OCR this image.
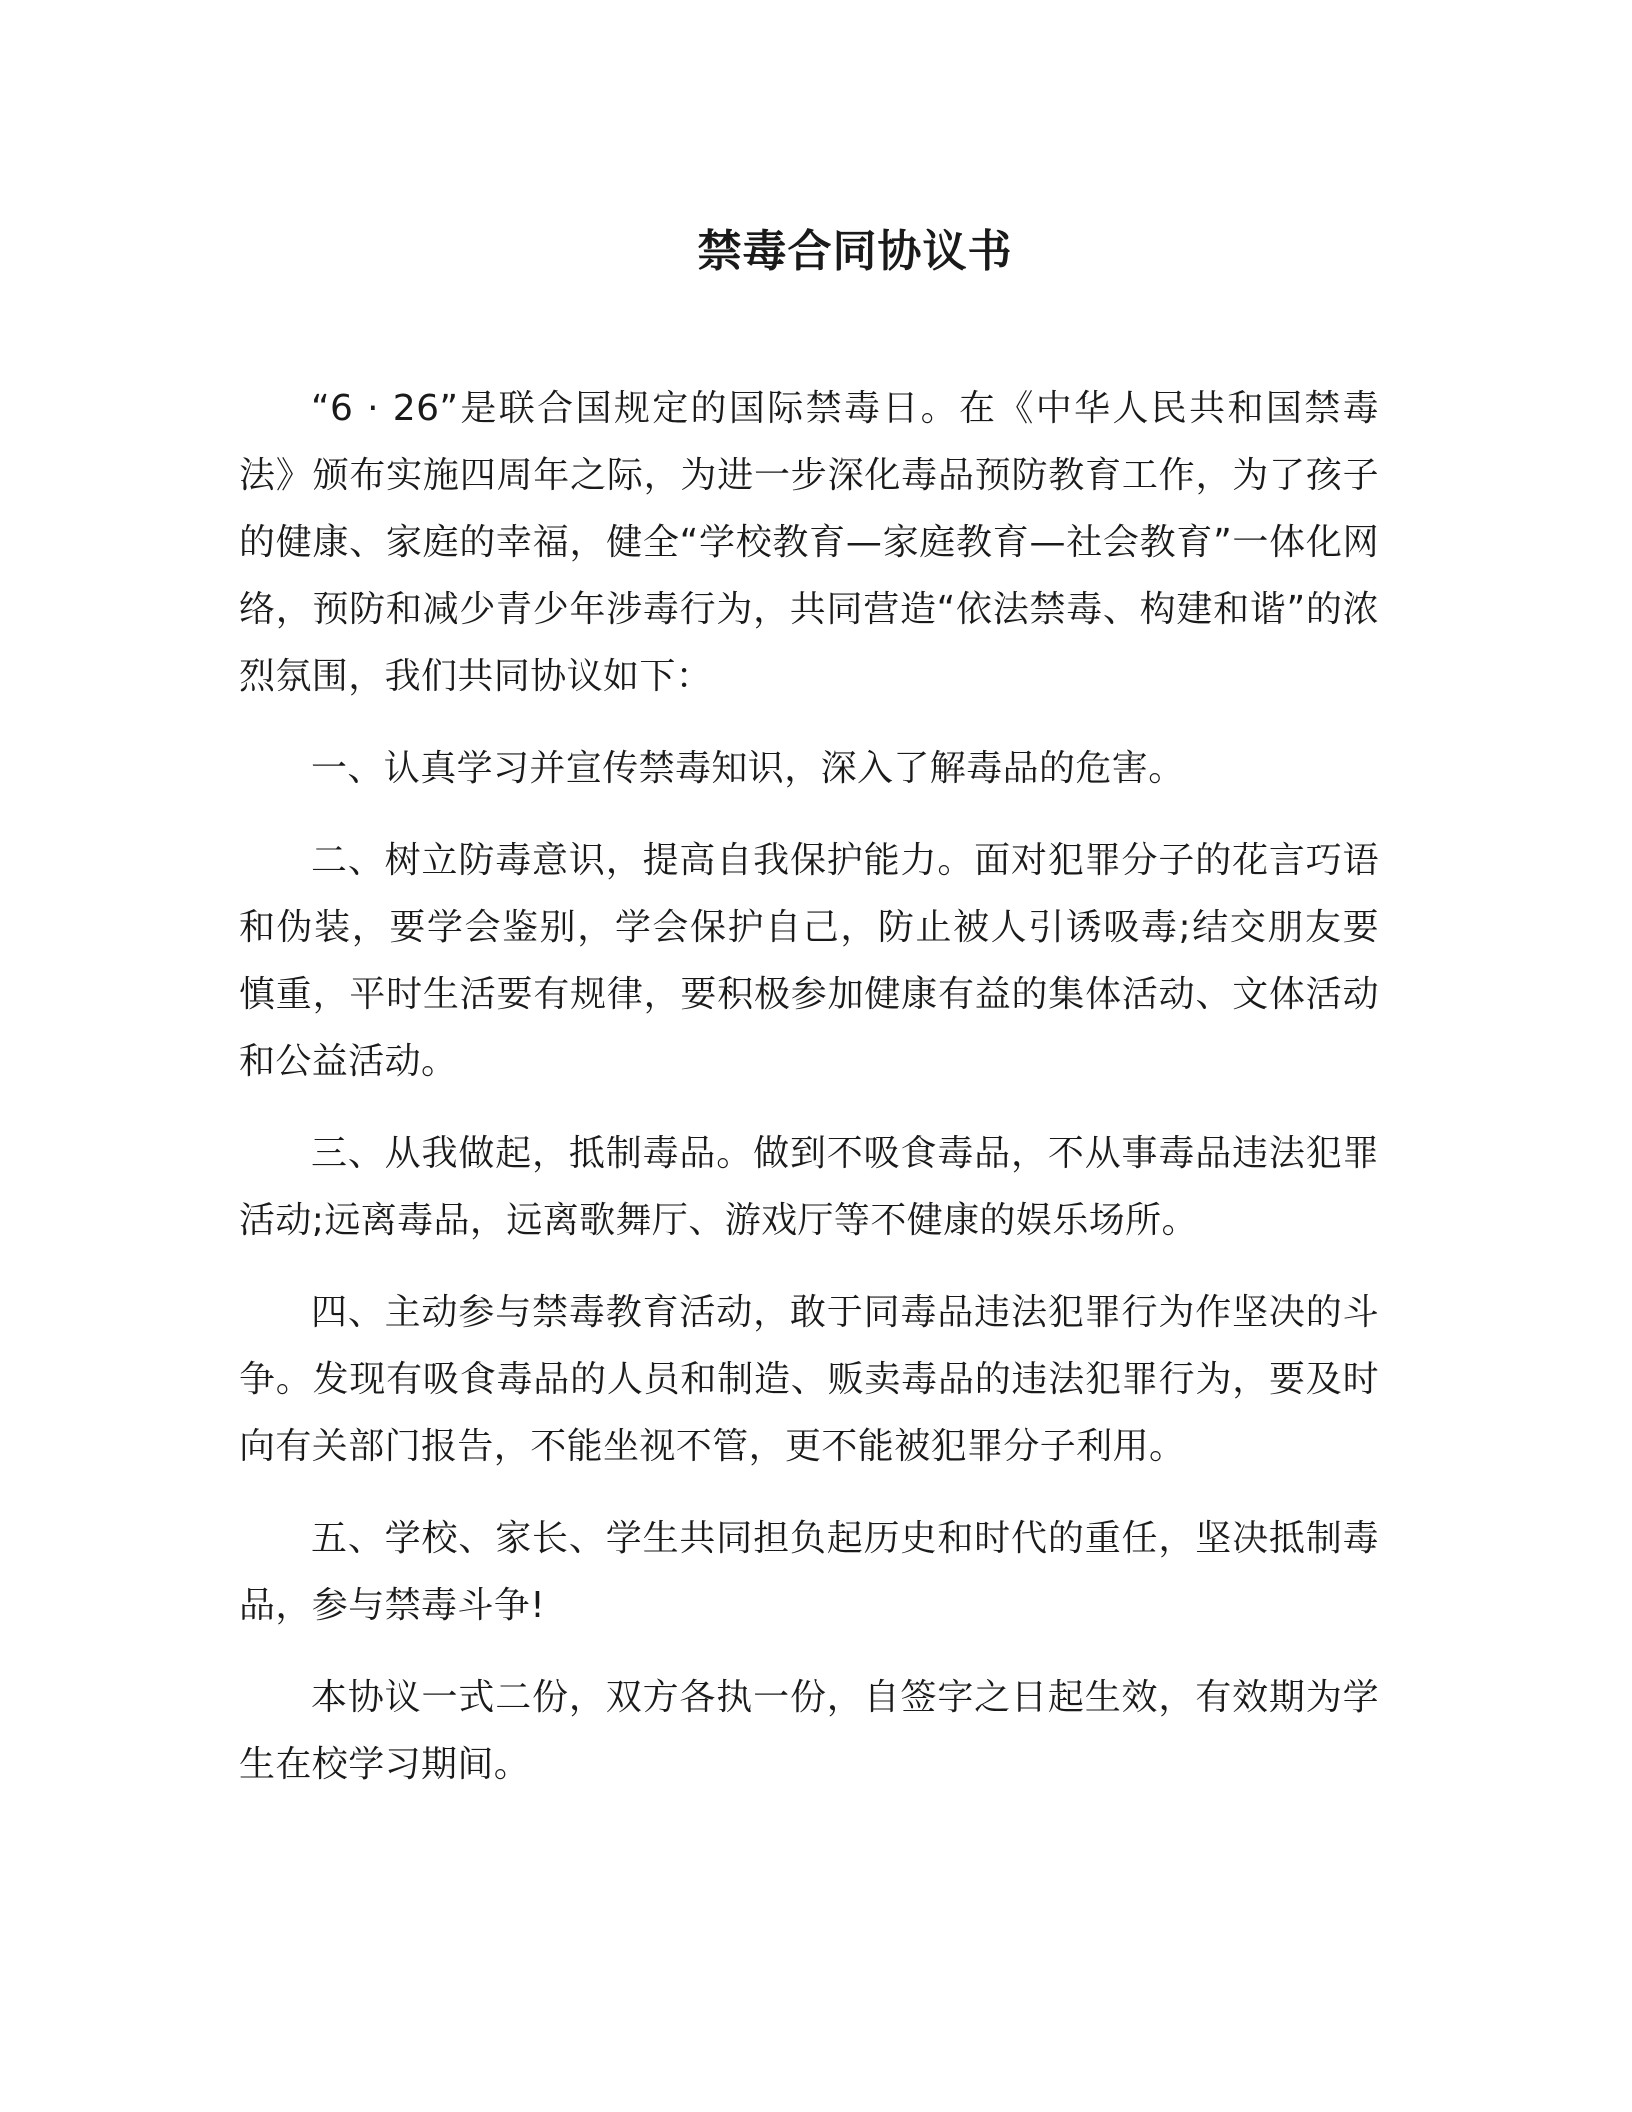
禁毒合同协议书

“6 · 26”是联合国规定的国际禁毒日。在《中华人民共和国禁毒法》颁布实施四周年之际，为进一步深化毒品预防教育工作，为了孩子的健康、家庭的幸福，健全“学校教育—家庭教育—社会教育”一体化网络，预防和减少青少年涉毒行为，共同营造“依法禁毒、构建和谐”的浓烈氛围，我们共同协议如下：

一、认真学习并宣传禁毒知识，深入了解毒品的危害。

二、树立防毒意识，提高自我保护能力。面对犯罪分子的花言巧语和伪装，要学会鉴别，学会保护自己，防止被人引诱吸毒;结交朋友要慎重，平时生活要有规律，要积极参加健康有益的集体活动、文体活动和公益活动。

三、从我做起，抵制毒品。做到不吸食毒品，不从事毒品违法犯罪活动;远离毒品，远离歌舞厅、游戏厅等不健康的娱乐场所。

四、主动参与禁毒教育活动，敢于同毒品违法犯罪行为作坚决的斗争。发现有吸食毒品的人员和制造、贩卖毒品的违法犯罪行为，要及时向有关部门报告，不能坐视不管，更不能被犯罪分子利用。

五、学校、家长、学生共同担负起历史和时代的重任，坚决抵制毒品，参与禁毒斗争!

本协议一式二份，双方各执一份，自签字之日起生效，有效期为学生在校学习期间。
